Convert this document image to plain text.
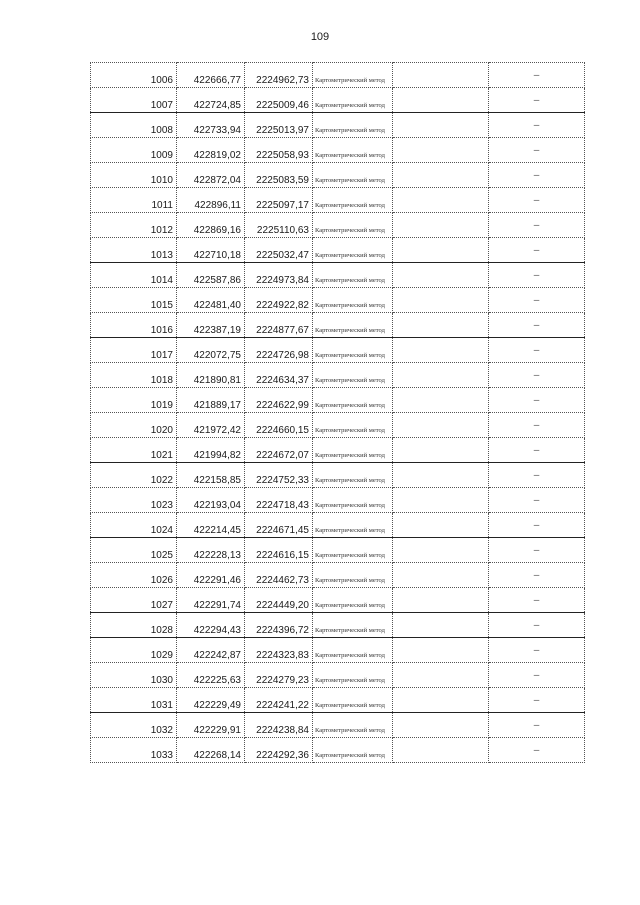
109
1006	422666,77	2224962,73	Картометрический метод		–
1007	422724,85	2225009,46	Картометрический метод		–
1008	422733,94	2225013,97	Картометрический метод		–
1009	422819,02	2225058,93	Картометрический метод		–
1010	422872,04	2225083,59	Картометрический метод		–
1011	422896,11	2225097,17	Картометрический метод		–
1012	422869,16	2225110,63	Картометрический метод		–
1013	422710,18	2225032,47	Картометрический метод		–
1014	422587,86	2224973,84	Картометрический метод		–
1015	422481,40	2224922,82	Картометрический метод		–
1016	422387,19	2224877,67	Картометрический метод		–
1017	422072,75	2224726,98	Картометрический метод		–
1018	421890,81	2224634,37	Картометрический метод		–
1019	421889,17	2224622,99	Картометрический метод		–
1020	421972,42	2224660,15	Картометрический метод		–
1021	421994,82	2224672,07	Картометрический метод		–
1022	422158,85	2224752,33	Картометрический метод		–
1023	422193,04	2224718,43	Картометрический метод		–
1024	422214,45	2224671,45	Картометрический метод		–
1025	422228,13	2224616,15	Картометрический метод		–
1026	422291,46	2224462,73	Картометрический метод		–
1027	422291,74	2224449,20	Картометрический метод		–
1028	422294,43	2224396,72	Картометрический метод		–
1029	422242,87	2224323,83	Картометрический метод		–
1030	422225,63	2224279,23	Картометрический метод		–
1031	422229,49	2224241,22	Картометрический метод		–
1032	422229,91	2224238,84	Картометрический метод		–
1033	422268,14	2224292,36	Картометрический метод		–
